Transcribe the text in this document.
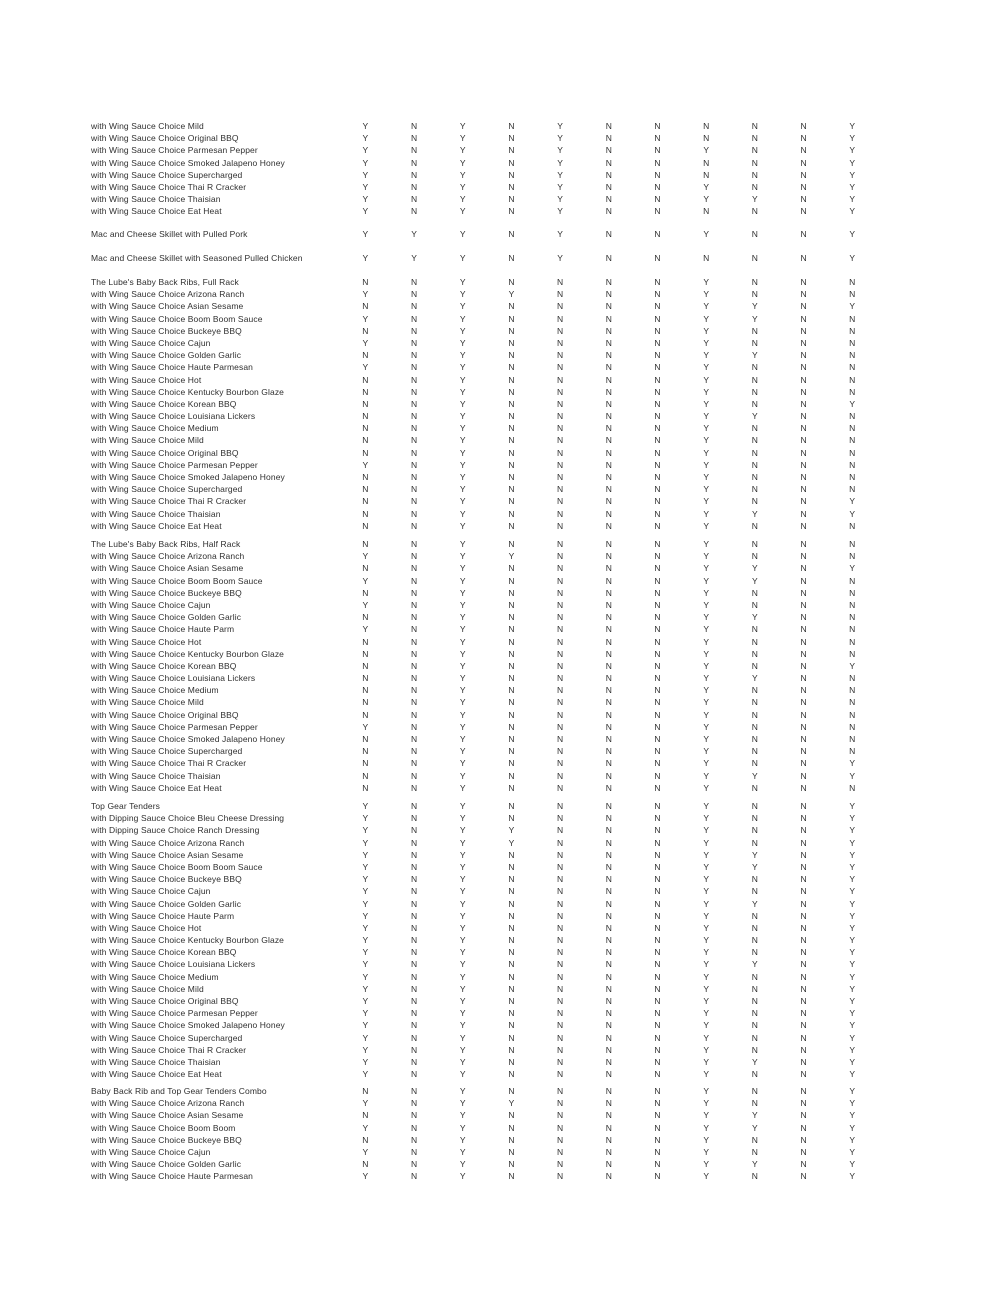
with Wing Sauce Choice Mild	Y	N	Y	N	Y	N	N	N	N	N	Y
with Wing Sauce Choice Original BBQ	Y	N	Y	N	Y	N	N	N	N	N	Y
with Wing Sauce Choice Parmesan Pepper	Y	N	Y	N	Y	N	N	Y	N	N	Y
with Wing Sauce Choice Smoked Jalapeno Honey	Y	N	Y	N	Y	N	N	N	N	N	Y
with Wing Sauce Choice Supercharged	Y	N	Y	N	Y	N	N	N	N	N	Y
with Wing Sauce Choice Thai R Cracker	Y	N	Y	N	Y	N	N	Y	N	N	Y
with Wing Sauce Choice Thaisian	Y	N	Y	N	Y	N	N	Y	Y	N	Y
with Wing Sauce Choice Eat Heat	Y	N	Y	N	Y	N	N	N	N	N	Y
Mac and Cheese Skillet with Pulled Pork	Y	Y	Y	N	Y	N	N	Y	N	N	Y
Mac and Cheese Skillet with Seasoned Pulled Chicken	Y	Y	Y	N	Y	N	N	N	N	N	Y
The Lube's Baby Back Ribs, Full Rack	N	N	Y	N	N	N	N	Y	N	N	N
with Wing Sauce Choice Arizona Ranch	Y	N	Y	Y	N	N	N	Y	N	N	N
with Wing Sauce Choice Asian Sesame	N	N	Y	N	N	N	N	Y	Y	N	Y
with Wing Sauce Choice Boom Boom Sauce	Y	N	Y	N	N	N	N	Y	Y	N	N
with Wing Sauce Choice Buckeye BBQ	N	N	Y	N	N	N	N	Y	N	N	N
with Wing Sauce Choice Cajun	Y	N	Y	N	N	N	N	Y	N	N	N
with Wing Sauce Choice Golden Garlic	N	N	Y	N	N	N	N	Y	Y	N	N
with Wing Sauce Choice Haute Parmesan	Y	N	Y	N	N	N	N	Y	N	N	N
with Wing Sauce Choice Hot	N	N	Y	N	N	N	N	Y	N	N	N
with Wing Sauce Choice Kentucky Bourbon Glaze	N	N	Y	N	N	N	N	Y	N	N	N
with Wing Sauce Choice Korean BBQ	N	N	Y	N	N	N	N	Y	N	N	Y
with Wing Sauce Choice Louisiana Lickers	N	N	Y	N	N	N	N	Y	Y	N	N
with Wing Sauce Choice Medium	N	N	Y	N	N	N	N	Y	N	N	N
with Wing Sauce Choice Mild	N	N	Y	N	N	N	N	Y	N	N	N
with Wing Sauce Choice Original BBQ	N	N	Y	N	N	N	N	Y	N	N	N
with Wing Sauce Choice Parmesan Pepper	Y	N	Y	N	N	N	N	Y	N	N	N
with Wing Sauce Choice Smoked Jalapeno Honey	N	N	Y	N	N	N	N	Y	N	N	N
with Wing Sauce Choice Supercharged	N	N	Y	N	N	N	N	Y	N	N	N
with Wing Sauce Choice Thai R Cracker	N	N	Y	N	N	N	N	Y	N	N	Y
with Wing Sauce Choice Thaisian	N	N	Y	N	N	N	N	Y	Y	N	Y
with Wing Sauce Choice Eat Heat	N	N	Y	N	N	N	N	Y	N	N	N
The Lube's Baby Back Ribs, Half Rack	N	N	Y	N	N	N	N	Y	N	N	N
with Wing Sauce Choice Arizona Ranch	Y	N	Y	Y	N	N	N	Y	N	N	N
with Wing Sauce Choice Asian Sesame	N	N	Y	N	N	N	N	Y	Y	N	Y
with Wing Sauce Choice Boom Boom Sauce	Y	N	Y	N	N	N	N	Y	Y	N	N
with Wing Sauce Choice Buckeye BBQ	N	N	Y	N	N	N	N	Y	N	N	N
with Wing Sauce Choice Cajun	Y	N	Y	N	N	N	N	Y	N	N	N
with Wing Sauce Choice Golden Garlic	N	N	Y	N	N	N	N	Y	Y	N	N
with Wing Sauce Choice Haute Parm	Y	N	Y	N	N	N	N	Y	N	N	N
with Wing Sauce Choice Hot	N	N	Y	N	N	N	N	Y	N	N	N
with Wing Sauce Choice Kentucky Bourbon Glaze	N	N	Y	N	N	N	N	Y	N	N	N
with Wing Sauce Choice Korean BBQ	N	N	Y	N	N	N	N	Y	N	N	Y
with Wing Sauce Choice Louisiana Lickers	N	N	Y	N	N	N	N	Y	Y	N	N
with Wing Sauce Choice Medium	N	N	Y	N	N	N	N	Y	N	N	N
with Wing Sauce Choice Mild	N	N	Y	N	N	N	N	Y	N	N	N
with Wing Sauce Choice Original BBQ	N	N	Y	N	N	N	N	Y	N	N	N
with Wing Sauce Choice Parmesan Pepper	Y	N	Y	N	N	N	N	Y	N	N	N
with Wing Sauce Choice Smoked Jalapeno Honey	N	N	Y	N	N	N	N	Y	N	N	N
with Wing Sauce Choice Supercharged	N	N	Y	N	N	N	N	Y	N	N	N
with Wing Sauce Choice Thai R Cracker	N	N	Y	N	N	N	N	Y	N	N	Y
with Wing Sauce Choice Thaisian	N	N	Y	N	N	N	N	Y	Y	N	Y
with Wing Sauce Choice Eat Heat	N	N	Y	N	N	N	N	Y	N	N	N
Top Gear Tenders	Y	N	Y	N	N	N	N	Y	N	N	Y
with Dipping Sauce Choice Bleu Cheese Dressing	Y	N	Y	N	N	N	N	Y	N	N	Y
with Dipping Sauce Choice Ranch Dressing	Y	N	Y	Y	N	N	N	Y	N	N	Y
with Wing Sauce Choice Arizona Ranch	Y	N	Y	Y	N	N	N	Y	N	N	Y
with Wing Sauce Choice Asian Sesame	Y	N	Y	N	N	N	N	Y	Y	N	Y
with Wing Sauce Choice Boom Boom Sauce	Y	N	Y	N	N	N	N	Y	Y	N	Y
with Wing Sauce Choice Buckeye BBQ	Y	N	Y	N	N	N	N	Y	N	N	Y
with Wing Sauce Choice Cajun	Y	N	Y	N	N	N	N	Y	N	N	Y
with Wing Sauce Choice Golden Garlic	Y	N	Y	N	N	N	N	Y	Y	N	Y
with Wing Sauce Choice Haute Parm	Y	N	Y	N	N	N	N	Y	N	N	Y
with Wing Sauce Choice Hot	Y	N	Y	N	N	N	N	Y	N	N	Y
with Wing Sauce Choice Kentucky Bourbon Glaze	Y	N	Y	N	N	N	N	Y	N	N	Y
with Wing Sauce Choice Korean BBQ	Y	N	Y	N	N	N	N	Y	N	N	Y
with Wing Sauce Choice Louisiana Lickers	Y	N	Y	N	N	N	N	Y	Y	N	Y
with Wing Sauce Choice Medium	Y	N	Y	N	N	N	N	Y	N	N	Y
with Wing Sauce Choice Mild	Y	N	Y	N	N	N	N	Y	N	N	Y
with Wing Sauce Choice Original BBQ	Y	N	Y	N	N	N	N	Y	N	N	Y
with Wing Sauce Choice Parmesan Pepper	Y	N	Y	N	N	N	N	Y	N	N	Y
with Wing Sauce Choice Smoked Jalapeno Honey	Y	N	Y	N	N	N	N	Y	N	N	Y
with Wing Sauce Choice Supercharged	Y	N	Y	N	N	N	N	Y	N	N	Y
with Wing Sauce Choice Thai R Cracker	Y	N	Y	N	N	N	N	Y	N	N	Y
with Wing Sauce Choice Thaisian	Y	N	Y	N	N	N	N	Y	Y	N	Y
with Wing Sauce Choice Eat Heat	Y	N	Y	N	N	N	N	Y	N	N	Y
Baby Back Rib and Top Gear Tenders Combo	N	N	Y	N	N	N	N	Y	N	N	Y
with Wing Sauce Choice Arizona Ranch	Y	N	Y	Y	N	N	N	Y	N	N	Y
with Wing Sauce Choice Asian Sesame	N	N	Y	N	N	N	N	Y	Y	N	Y
with Wing Sauce Choice Boom Boom	Y	N	Y	N	N	N	N	Y	Y	N	Y
with Wing Sauce Choice Buckeye BBQ	N	N	Y	N	N	N	N	Y	N	N	Y
with Wing Sauce Choice Cajun	Y	N	Y	N	N	N	N	Y	N	N	Y
with Wing Sauce Choice Golden Garlic	N	N	Y	N	N	N	N	Y	Y	N	Y
with Wing Sauce Choice Haute Parmesan	Y	N	Y	N	N	N	N	Y	N	N	Y
